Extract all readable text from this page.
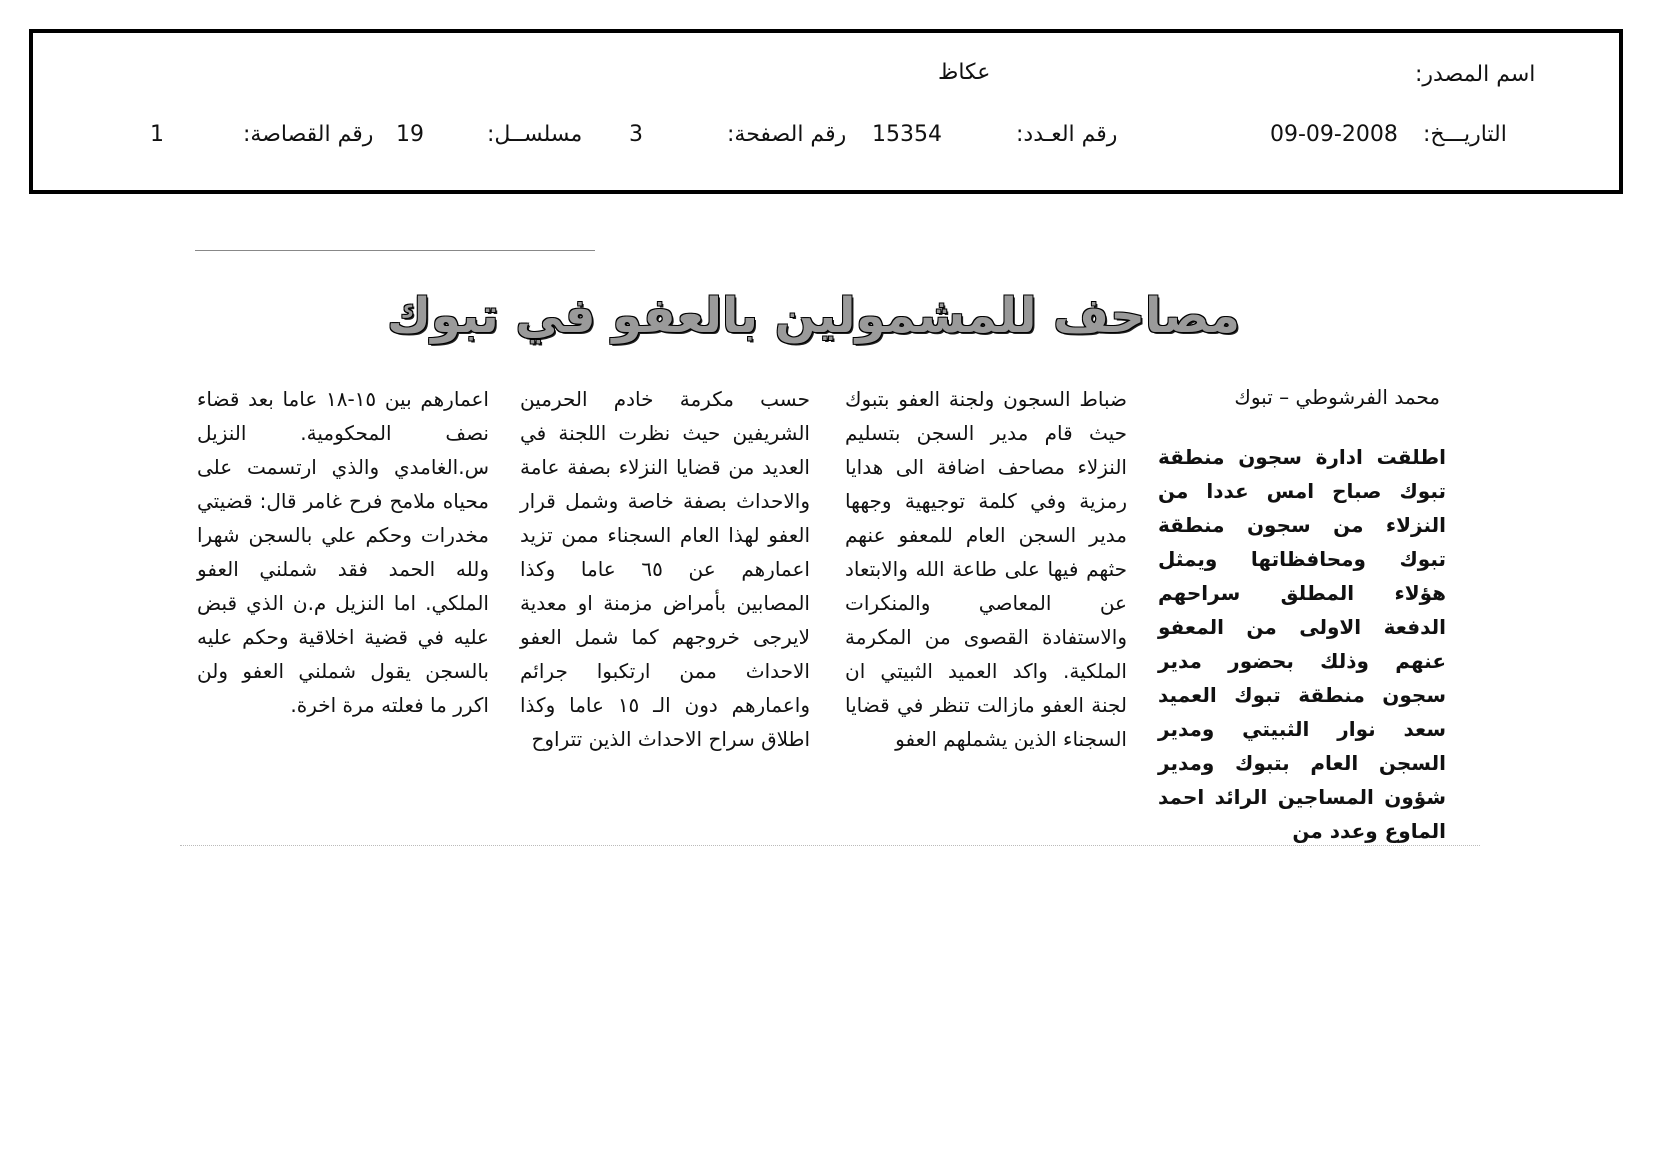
اسم المصدر:
عكاظ
التاريـــخ:
09-09-2008
رقم العـدد:
15354
رقم الصفحة:
3
مسلســل:
19
رقم القصاصة:
1
مصاحف للمشمولين بالعفو في تبوك
محمد الفرشوطي – تبوك

اطلقت ادارة سجون منطقة تبوك صباح امس عددا من النزلاء من سجون منطقة تبوك ومحافظاتها ويمثل هؤلاء المطلق سراحهم الدفعة الاولى من المعفو عنهم وذلك بحضور مدير سجون منطقة تبوك العميد سعد نوار الثبيتي ومدير السجن العام بتبوك ومدير شؤون المساجين الرائد احمد الماوع وعدد من

ضباط السجون ولجنة العفو بتبوك حيث قام مدير السجن بتسليم النزلاء مصاحف اضافة الى هدايا رمزية وفي كلمة توجيهية وجهها مدير السجن العام للمعفو عنهم حثهم فيها على طاعة الله والابتعاد عن المعاصي والمنكرات والاستفادة القصوى من المكرمة الملكية. واكد العميد الثبيتي ان لجنة العفو مازالت تنظر في قضايا السجناء الذين يشملهم العفو

حسب مكرمة خادم الحرمين الشريفين حيث نظرت اللجنة في العديد من قضايا النزلاء بصفة عامة والاحداث بصفة خاصة وشمل قرار العفو لهذا العام السجناء ممن تزيد اعمارهم عن ٦٥ عاما وكذا المصابين بأمراض مزمنة او معدية لايرجى خروجهم كما شمل العفو الاحداث ممن ارتكبوا جرائم واعمارهم دون الـ ١٥ عاما وكذا اطلاق سراح الاحداث الذين تتراوح

اعمارهم بين ١٥-١٨ عاما بعد قضاء نصف المحكومية. النزيل س.الغامدي والذي ارتسمت على محياه ملامح فرح غامر قال: قضيتي مخدرات وحكم علي بالسجن شهرا ولله الحمد فقد شملني العفو الملكي. اما النزيل م.ن الذي قبض عليه في قضية اخلاقية وحكم عليه بالسجن يقول شملني العفو ولن اكرر ما فعلته مرة اخرة.
